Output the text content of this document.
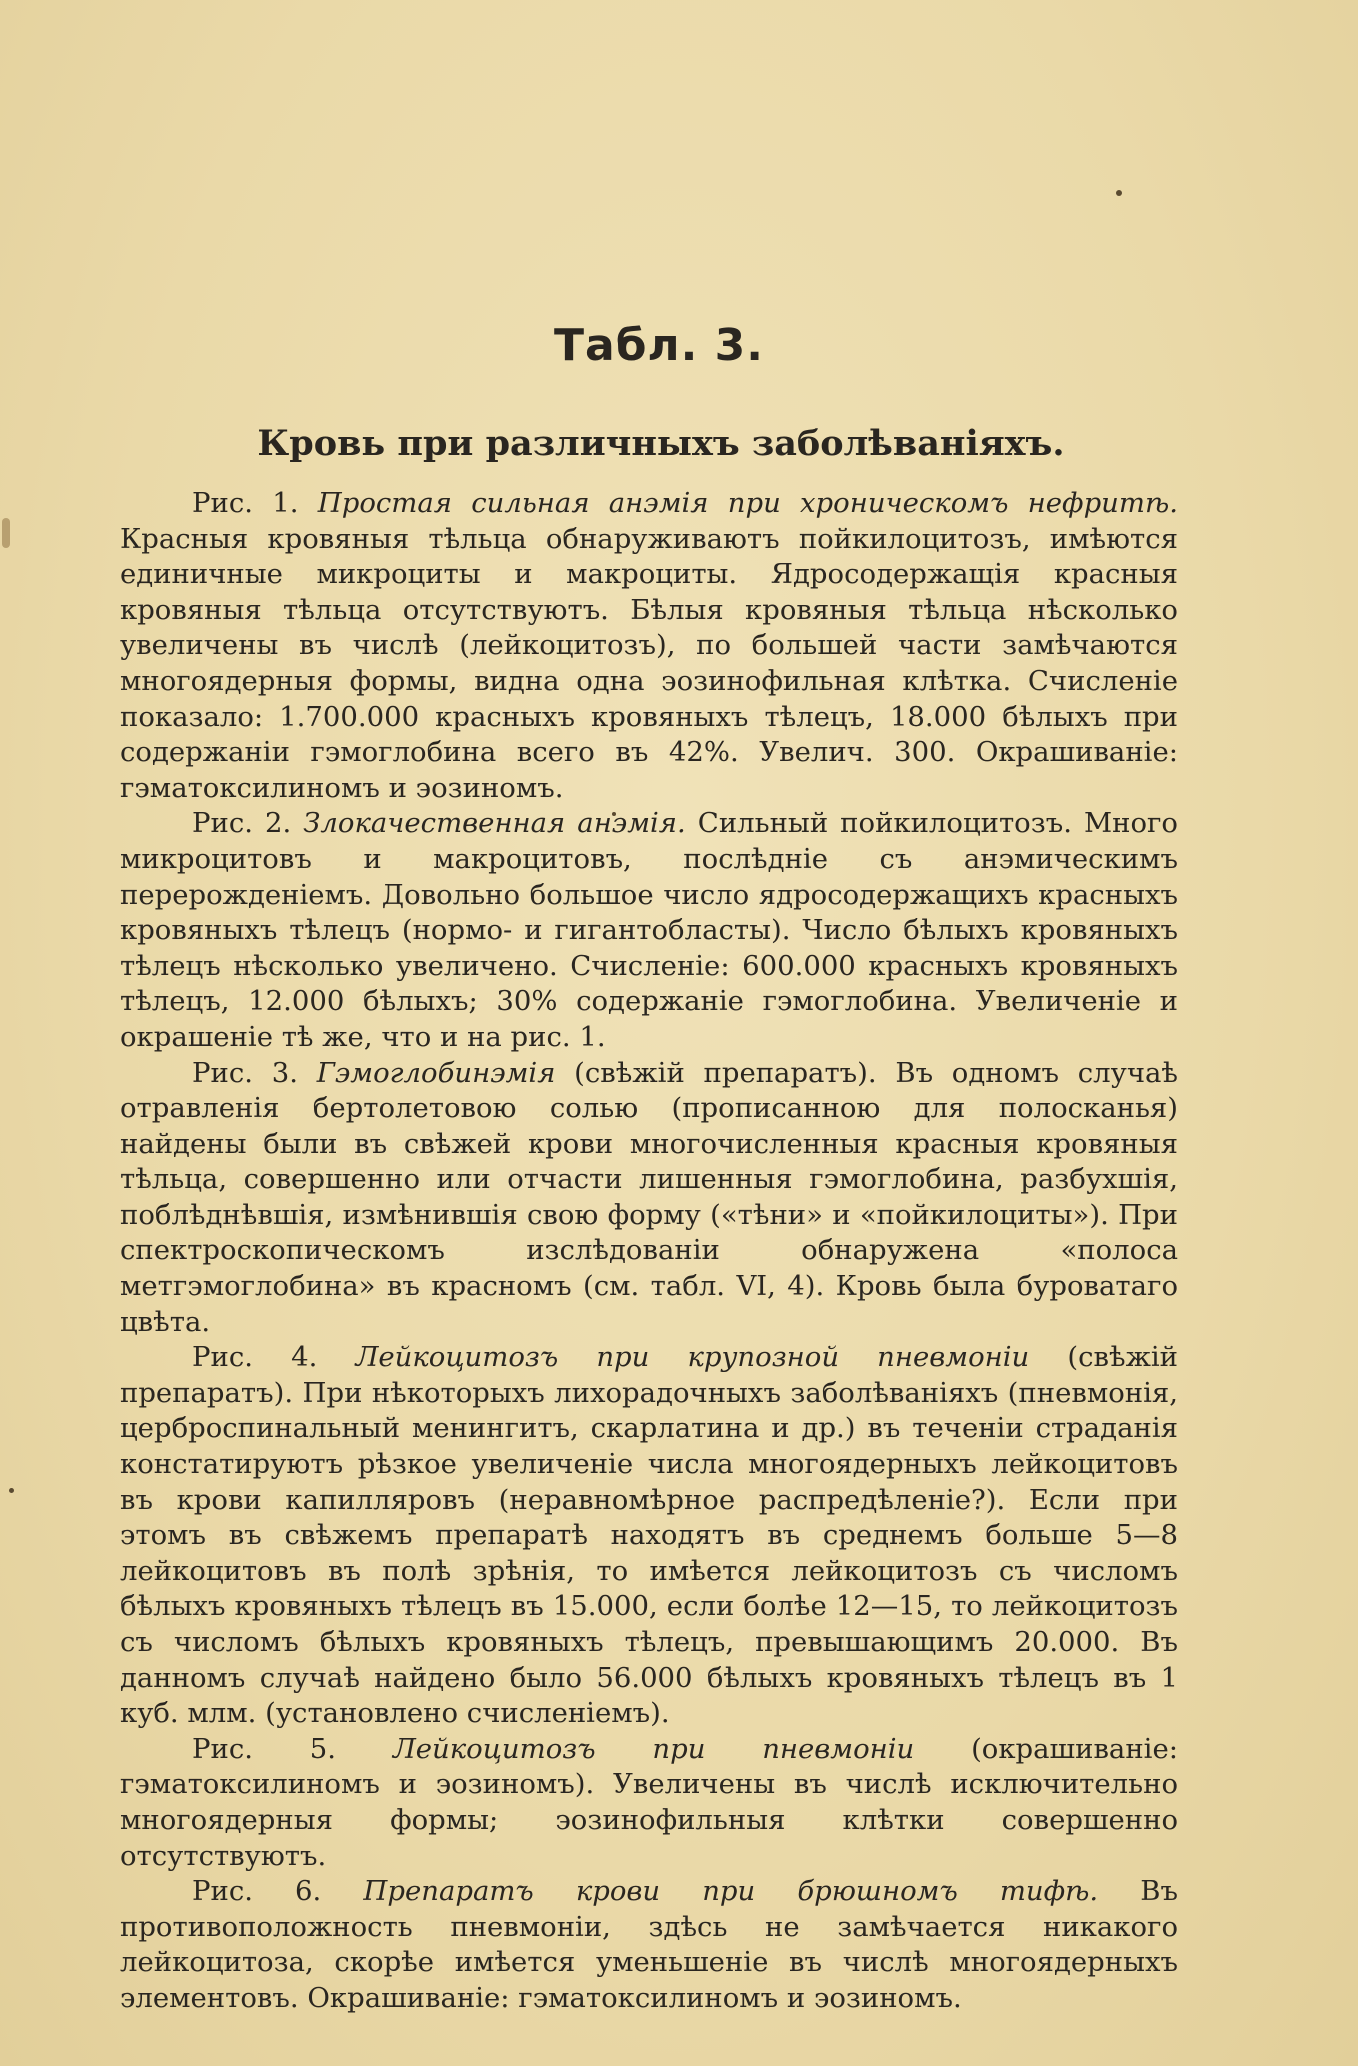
Табл. 3.
Кровь при различныхъ заболѣваніяхъ.

Рис. 1. Простая сильная анэмія при хроническомъ нефритѣ. Красныя кровяныя тѣльца обнаруживаютъ пойкилоцитозъ, имѣются единичные микроциты и макроциты. Ядросодержащія красныя кровяныя тѣльца отсутствуютъ. Бѣлыя кровяныя тѣльца нѣсколько увеличены въ числѣ (лейкоцитозъ), по большей части замѣчаются многоядерныя формы, видна одна эозинофильная клѣтка. Счисленіе показало: 1.700.000 красныхъ кровяныхъ тѣлецъ, 18.000 бѣлыхъ при содержаніи гэмоглобина всего въ 42%. Увелич. 300. Окрашиваніе: гэматоксилиномъ и эозиномъ.

Рис. 2. Злокачественная анэмія. Сильный пойкилоцитозъ. Много микроцитовъ и макроцитовъ, послѣдніе съ анэмическимъ перерожденіемъ. Довольно большое число ядросодержащихъ красныхъ кровяныхъ тѣлецъ (нормо- и гигантобласты). Число бѣлыхъ кровяныхъ тѣлецъ нѣсколько увеличено. Счисленіе: 600.000 красныхъ кровяныхъ тѣлецъ, 12.000 бѣлыхъ; 30% содержаніе гэмоглобина. Увеличеніе и окрашеніе тѣ же, что и на рис. 1.

Рис. 3. Гэмоглобинэмія (свѣжій препаратъ). Въ одномъ случаѣ отравленія бертолетовою солью (прописанною для полосканья) найдены были въ свѣжей крови многочисленныя красныя кровяныя тѣльца, совершенно или отчасти лишенныя гэмоглобина, разбухшія, поблѣднѣвшія, измѣнившія свою форму («тѣни» и «пойкилоциты»). При спектроскопическомъ изслѣдованіи обнаружена «полоса метгэмоглобина» въ красномъ (см. табл. VI, 4). Кровь была буроватаго цвѣта.

Рис. 4. Лейкоцитозъ при крупозной пневмоніи (свѣжій препаратъ). При нѣкоторыхъ лихорадочныхъ заболѣваніяхъ (пневмонія, церброспинальный менингитъ, скарлатина и др.) въ теченіи страданія констатируютъ рѣзкое увеличеніе числа многоядерныхъ лейкоцитовъ въ крови капилляровъ (неравномѣрное распредѣленіе?). Если при этомъ въ свѣжемъ препаратѣ находятъ въ среднемъ больше 5—8 лейкоцитовъ въ полѣ зрѣнія, то имѣется лейкоцитозъ съ числомъ бѣлыхъ кровяныхъ тѣлецъ въ 15.000, если болѣе 12—15, то лейкоцитозъ съ числомъ бѣлыхъ кровяныхъ тѣлецъ, превышающимъ 20.000. Въ данномъ случаѣ найдено было 56.000 бѣлыхъ кровяныхъ тѣлецъ въ 1 куб. млм. (установлено счисленіемъ).

Рис. 5. Лейкоцитозъ при пневмоніи (окрашиваніе: гэматоксилиномъ и эозиномъ). Увеличены въ числѣ исключительно многоядерныя формы; эозинофильныя клѣтки совершенно отсутствуютъ.

Рис. 6. Препаратъ крови при брюшномъ тифѣ. Въ противоположность пневмоніи, здѣсь не замѣчается никакого лейкоцитоза, скорѣе имѣется уменьшеніе въ числѣ многоядерныхъ элементовъ. Окрашиваніе: гэматоксилиномъ и эозиномъ.
